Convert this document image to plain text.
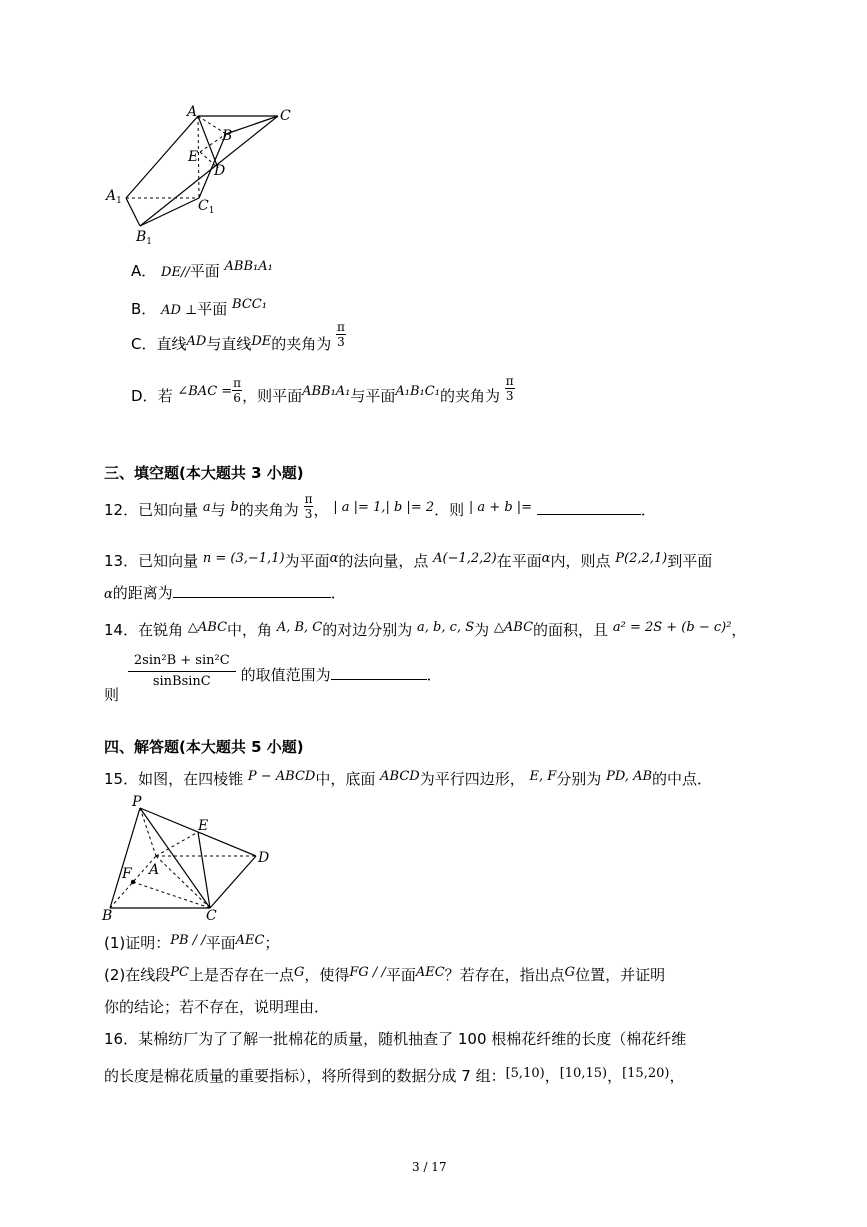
A	C
B
E
D
$A_1$	$C_1$
$B_1$
A． DE//平面 ABB₁A₁
B． AD ⊥平面 BCC₁
C．直线AD与直线DE的夹角为 $\frac{\pi}{3}$
D．若 ∠BAC = $\frac{\pi}{6}$ ，则平面ABB₁A₁与平面A₁B₁C₁的夹角为 $\frac{\pi}{3}$
三、填空题(本大题共 3 小题)
12．已知向量 a与 b的夹角为 $\frac{\pi}{3}$ ， | a |= 1,| b |= 2．则 | a + b |=	．
13．已知向量 n = (3,−1,1)为平面α的法向量，点 A(−1,2,2)在平面α内，则点 P(2,2,1)到平面
α的距离为	．
14．在锐角 △ABC中，角 A, B, C的对边分别为 a, b, c, S为 △ABC的面积，且 a² = 2S + (b − c)²，
则
$\frac{\text{2sin²B + sin²C}}{\text{sinBsinC}}$ 的取值范围为	．
四、解答题(本大题共 5 小题)
15．如图，在四棱锥 P − ABCD中，底面 ABCD为平行四边形， E, F分别为 PD, AB的中点．
P
E
D
A
F
B	C
(1)证明：PB / /平面AEC；
(2)在线段PC上是否存在一点G，使得FG / /平面AEC？若存在，指出点G位置，并证明
你的结论；若不存在，说明理由．
16．某棉纺厂为了了解一批棉花的质量，随机抽查了 100 根棉花纤维的长度（棉花纤维
的长度是棉花质量的重要指标），将所得到的数据分成 7 组：[5,10)，[10,15)，[15,20)，
3 / 17
